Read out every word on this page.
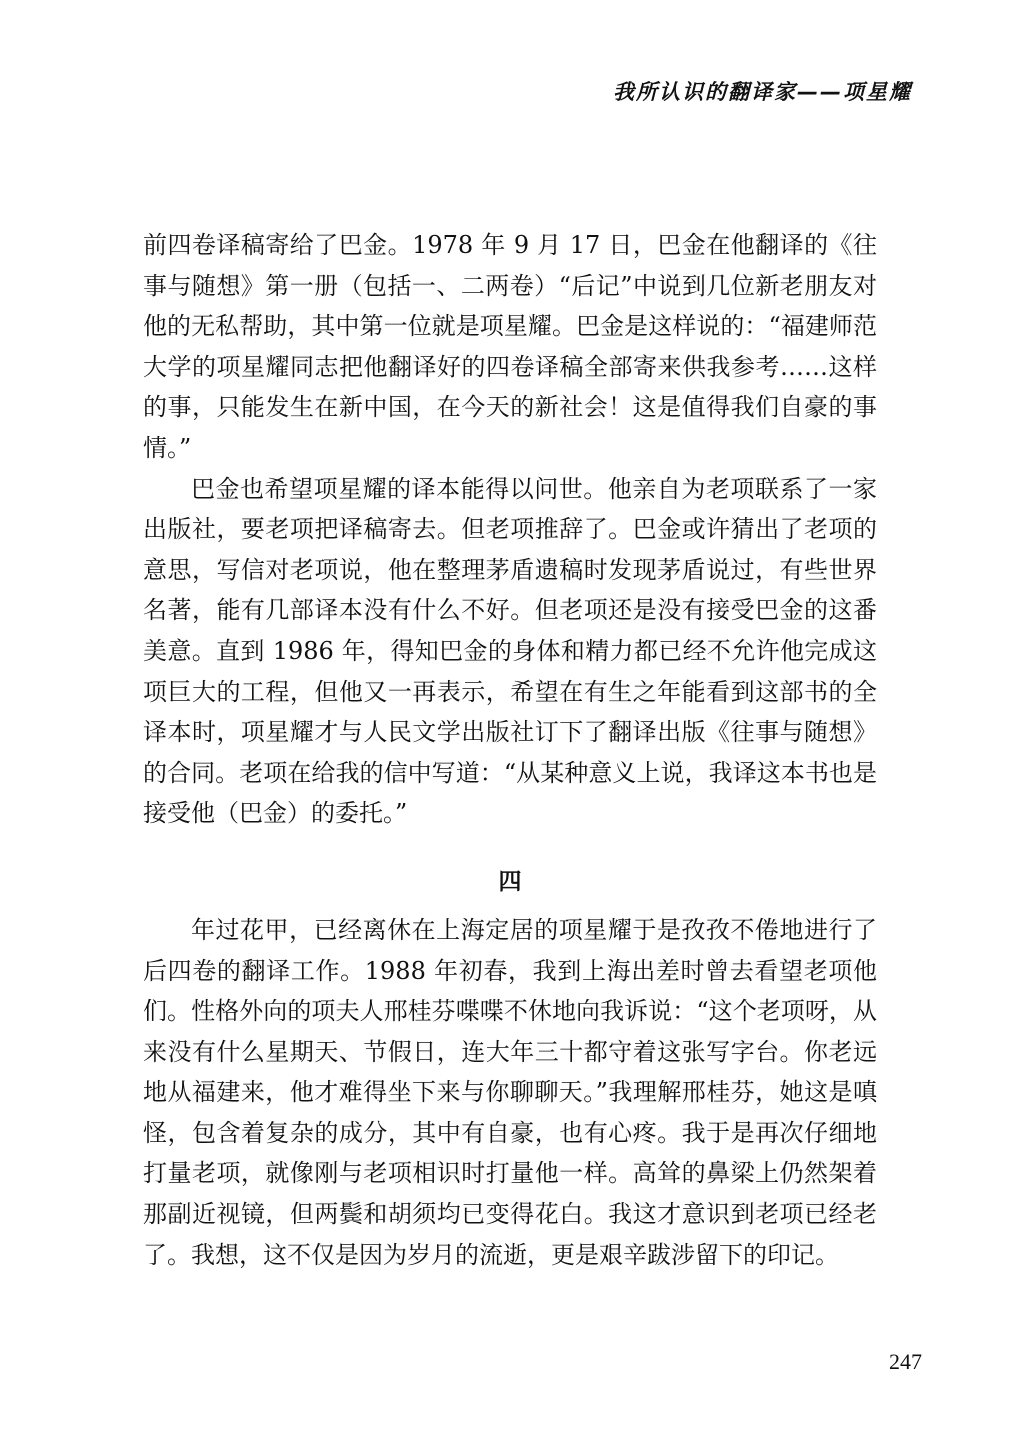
我所认识的翻译家——项星耀

前四卷译稿寄给了巴金。1978 年 9 月 17 日，巴金在他翻译的《往事与随想》第一册（包括一、二两卷）“后记”中说到几位新老朋友对他的无私帮助，其中第一位就是项星耀。巴金是这样说的：“福建师范大学的项星耀同志把他翻译好的四卷译稿全部寄来供我参考……这样的事，只能发生在新中国，在今天的新社会！这是值得我们自豪的事情。”

巴金也希望项星耀的译本能得以问世。他亲自为老项联系了一家出版社，要老项把译稿寄去。但老项推辞了。巴金或许猜出了老项的意思，写信对老项说，他在整理茅盾遗稿时发现茅盾说过，有些世界名著，能有几部译本没有什么不好。但老项还是没有接受巴金的这番美意。直到 1986 年，得知巴金的身体和精力都已经不允许他完成这项巨大的工程，但他又一再表示，希望在有生之年能看到这部书的全译本时，项星耀才与人民文学出版社订下了翻译出版《往事与随想》的合同。老项在给我的信中写道：“从某种意义上说，我译这本书也是接受他（巴金）的委托。”

四

年过花甲，已经离休在上海定居的项星耀于是孜孜不倦地进行了后四卷的翻译工作。1988 年初春，我到上海出差时曾去看望老项他们。性格外向的项夫人邢桂芬喋喋不休地向我诉说：“这个老项呀，从来没有什么星期天、节假日，连大年三十都守着这张写字台。你老远地从福建来，他才难得坐下来与你聊聊天。”我理解邢桂芬，她这是嗔怪，包含着复杂的成分，其中有自豪，也有心疼。我于是再次仔细地打量老项，就像刚与老项相识时打量他一样。高耸的鼻梁上仍然架着那副近视镜，但两鬓和胡须均已变得花白。我这才意识到老项已经老了。我想，这不仅是因为岁月的流逝，更是艰辛跋涉留下的印记。

247
